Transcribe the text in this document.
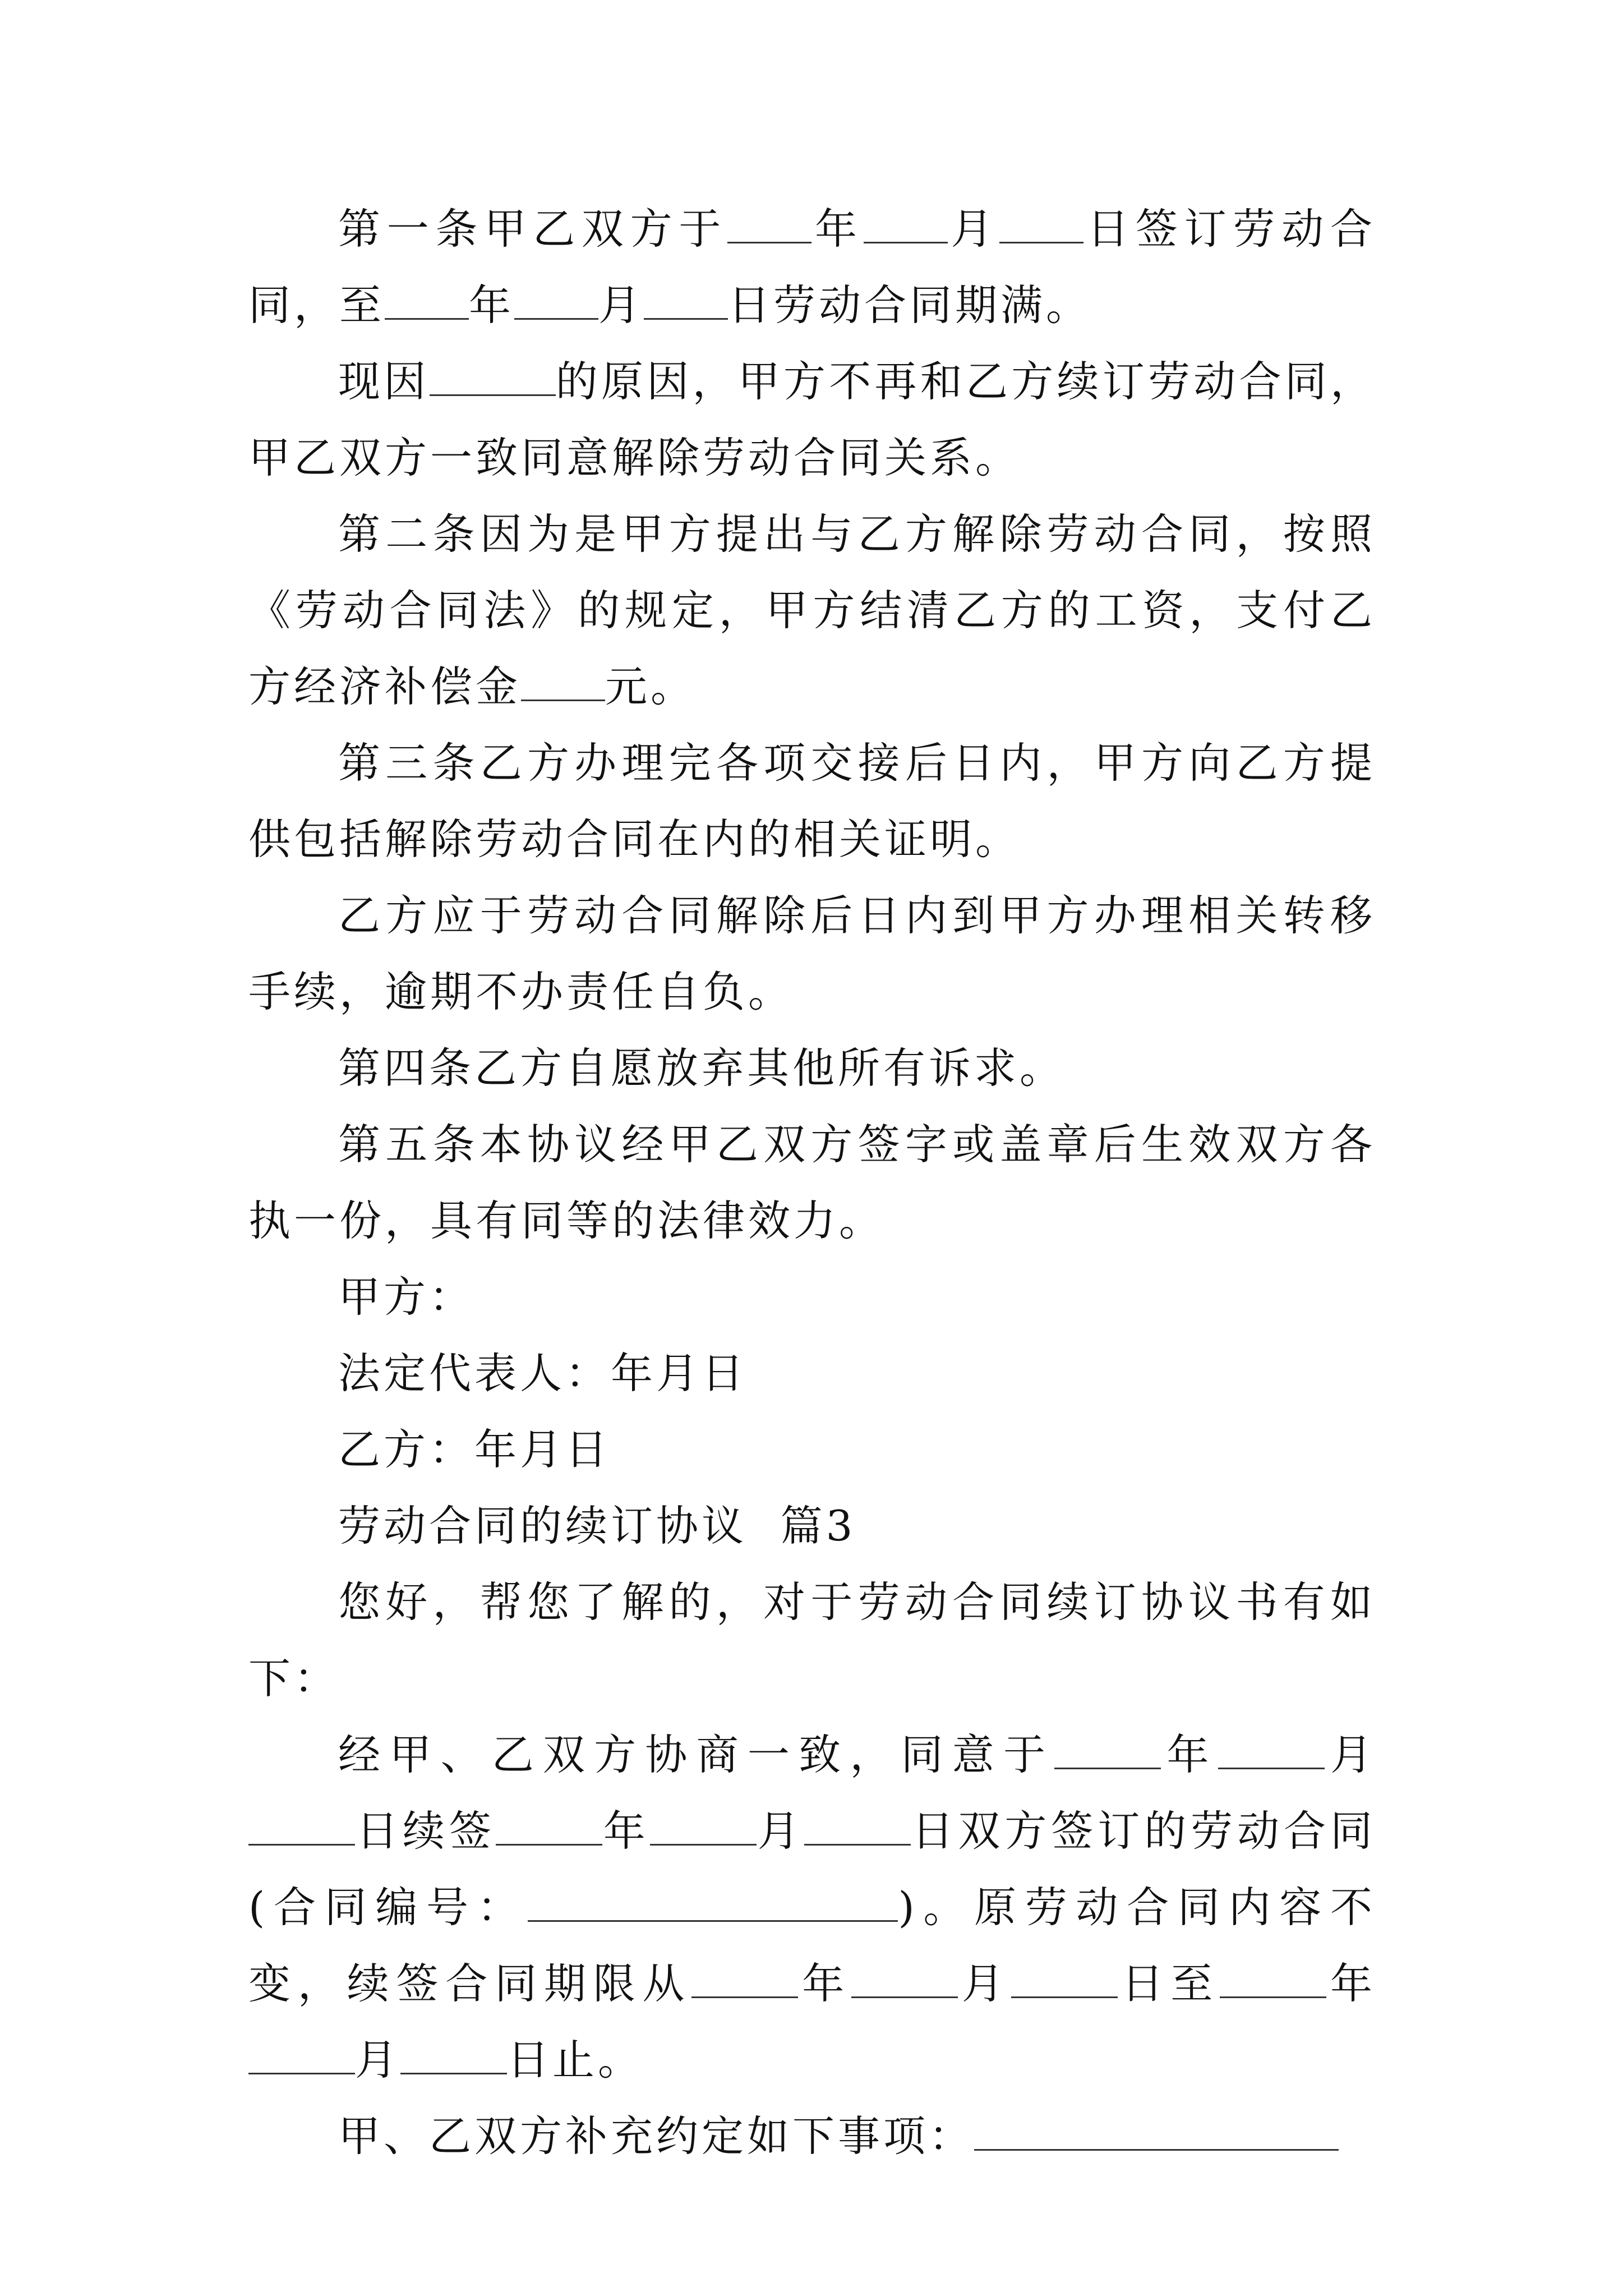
第一条甲乙双方于 年 月 日签订劳动合同，至 年 月 日劳动合同期满。

现因	的原因，甲方不再和乙方续订劳动合同，甲乙双方一致同意解除劳动合同关系。

第二条因为是甲方提出与乙方解除劳动合同，按照《劳动合同法》的规定，甲方结清乙方的工资，支付乙方经济补偿金 元。

第三条乙方办理完各项交接后日内，甲方向乙方提供包括解除劳动合同在内的相关证明。

乙方应于劳动合同解除后日内到甲方办理相关转移手续，逾期不办责任自负。

第四条乙方自愿放弃其他所有诉求。

第五条本协议经甲乙双方签字或盖章后生效双方各执一份，具有同等的法律效力。

甲方：

法定代表人：年月日

乙方：年月日

劳动合同的续订协议  篇3

您好，帮您了解的，对于劳动合同续订协议书有如下：

经甲、乙双方协商一致，同意于	年	月日续签	年	月	日双方签订的劳动合同(合同编号：	)。原劳动合同内容不变，续签合同期限从	年	月	日至	年月	日止。

甲、乙双方补充约定如下事项：
